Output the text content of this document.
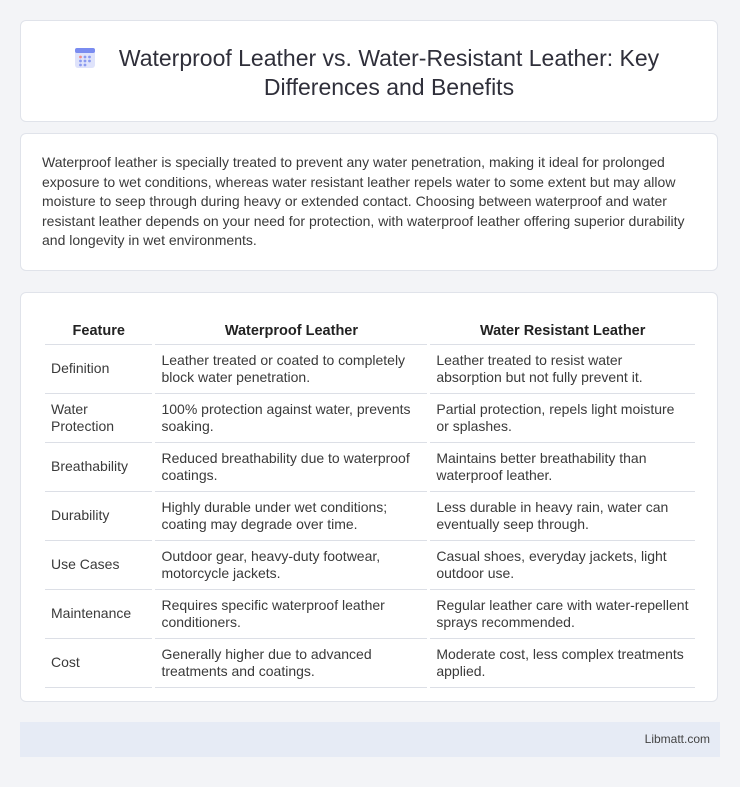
Waterproof Leather vs. Water-Resistant Leather: Key Differences and Benefits

Waterproof leather is specially treated to prevent any water penetration, making it ideal for prolonged exposure to wet conditions, whereas water resistant leather repels water to some extent but may allow moisture to seep through during heavy or extended contact. Choosing between waterproof and water resistant leather depends on your need for protection, with waterproof leather offering superior durability and longevity in wet environments.

Feature	Waterproof Leather	Water Resistant Leather
Definition	Leather treated or coated to completely block water penetration.	Leather treated to resist water absorption but not fully prevent it.
Water Protection	100% protection against water, prevents soaking.	Partial protection, repels light moisture or splashes.
Breathability	Reduced breathability due to waterproof coatings.	Maintains better breathability than waterproof leather.
Durability	Highly durable under wet conditions; coating may degrade over time.	Less durable in heavy rain, water can eventually seep through.
Use Cases	Outdoor gear, heavy-duty footwear, motorcycle jackets.	Casual shoes, everyday jackets, light outdoor use.
Maintenance	Requires specific waterproof leather conditioners.	Regular leather care with water-repellent sprays recommended.
Cost	Generally higher due to advanced treatments and coatings.	Moderate cost, less complex treatments applied.
Libmatt.com
